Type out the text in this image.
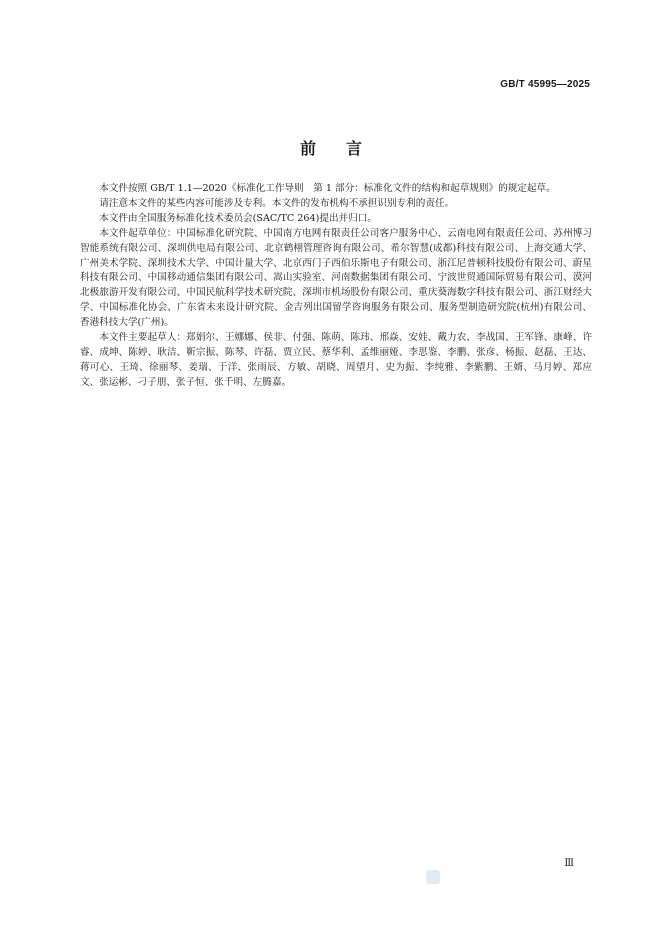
GB/T 45995—2025
前言

本文件按照 GB/T 1.1—2020《标准化工作导则　第 1 部分：标准化文件的结构和起草规则》的规定起草。

请注意本文件的某些内容可能涉及专利。本文件的发布机构不承担识别专利的责任。

本文件由全国服务标准化技术委员会(SAC/TC 264)提出并归口。

本文件起草单位：中国标准化研究院、中国南方电网有限责任公司客户服务中心、云南电网有限责任公司、苏州博习智能系统有限公司、深圳供电局有限公司、北京鹤栩管理咨询有限公司、希尔智慧(成都)科技有限公司、上海交通大学、广州美术学院、深圳技术大学、中国计量大学、北京西门子西伯乐斯电子有限公司、浙江尼普顿科技股份有限公司、蔚星科技有限公司、中国移动通信集团有限公司、嵩山实验室、河南数据集团有限公司、宁波世贸通国际贸易有限公司、漠河北极旅游开发有限公司、中国民航科学技术研究院、深圳市机场股份有限公司、重庆葵海数字科技有限公司、浙江财经大学、中国标准化协会、广东省未来设计研究院、金吉列出国留学咨询服务有限公司、服务型制造研究院(杭州)有限公司、香港科技大学(广州)。

本文件主要起草人：郑娟尔、王娜娜、侯非、付强、陈萌、陈玮、邢焱、安娃、戴力农、李战国、王军锋、康峰、许睿、成坤、陈婷、耿洁、靳宗振、陈琴、许磊、贾立民、蔡华利、孟维丽娅、李思鉴、李鹏、张彦、杨振、赵磊、王达、蒋可心、王琦、徐丽琴、姜瑞、于洋、张雨辰、方敏、胡晓、周望月、史为振、李纯雅、李紫鹏、王婿、马月婷、郑应文、张运彬、刁子朋、张子恒、张千明、左腾嘉。

Ⅲ
